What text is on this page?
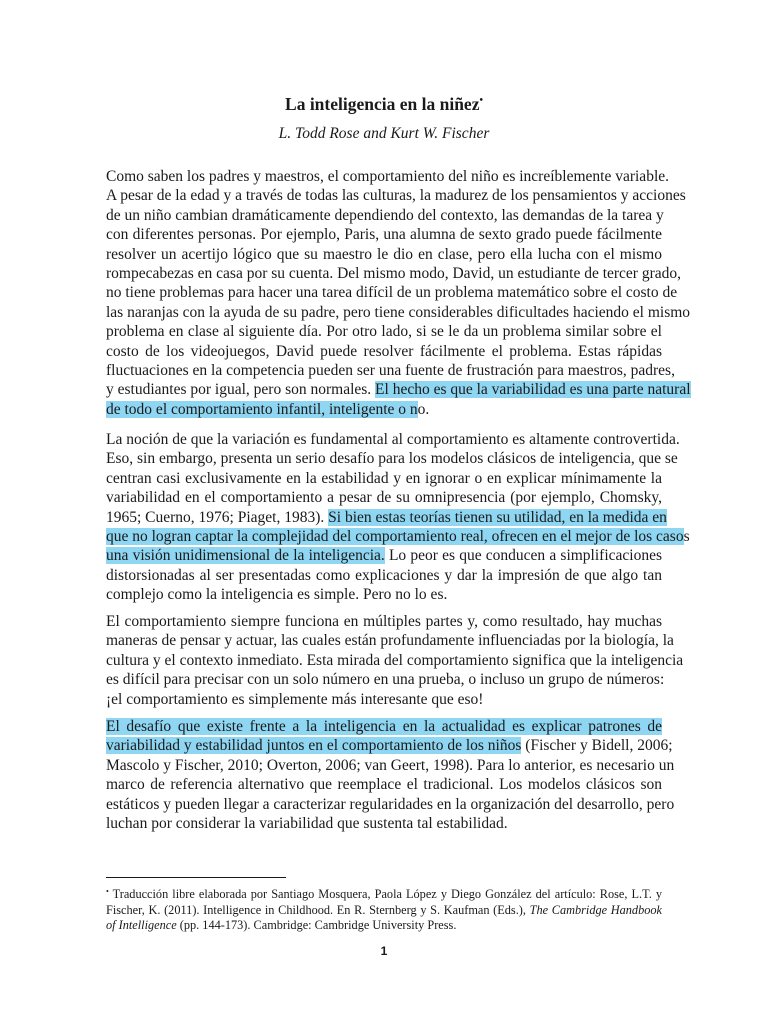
La inteligencia en la niñez•
L. Todd Rose and Kurt W. Fischer

Como saben los padres y maestros, el comportamiento del niño es increíblemente variable.
A pesar de la edad y a través de todas las culturas, la madurez de los pensamientos y acciones
de un niño cambian dramáticamente dependiendo del contexto, las demandas de la tarea y
con diferentes personas. Por ejemplo, Paris, una alumna de sexto grado puede fácilmente
resolver un acertijo lógico que su maestro le dio en clase, pero ella lucha con el mismo
rompecabezas en casa por su cuenta. Del mismo modo, David, un estudiante de tercer grado,
no tiene problemas para hacer una tarea difícil de un problema matemático sobre el costo de
las naranjas con la ayuda de su padre, pero tiene considerables dificultades haciendo el mismo
problema en clase al siguiente día. Por otro lado, si se le da un problema similar sobre el
costo de los videojuegos, David puede resolver fácilmente el problema. Estas rápidas
fluctuaciones en la competencia pueden ser una fuente de frustración para maestros, padres,
y estudiantes por igual, pero son normales. El hecho es que la variabilidad es una parte natural
de todo el comportamiento infantil, inteligente o no.

La noción de que la variación es fundamental al comportamiento es altamente controvertida.
Eso, sin embargo, presenta un serio desafío para los modelos clásicos de inteligencia, que se
centran casi exclusivamente en la estabilidad y en ignorar o en explicar mínimamente la
variabilidad en el comportamiento a pesar de su omnipresencia (por ejemplo, Chomsky,
1965; Cuerno, 1976; Piaget, 1983). Si bien estas teorías tienen su utilidad, en la medida en
que no logran captar la complejidad del comportamiento real, ofrecen en el mejor de los casos
una visión unidimensional de la inteligencia. Lo peor es que conducen a simplificaciones
distorsionadas al ser presentadas como explicaciones y dar la impresión de que algo tan
complejo como la inteligencia es simple. Pero no lo es.

El comportamiento siempre funciona en múltiples partes y, como resultado, hay muchas
maneras de pensar y actuar, las cuales están profundamente influenciadas por la biología, la
cultura y el contexto inmediato. Esta mirada del comportamiento significa que la inteligencia
es difícil para precisar con un solo número en una prueba, o incluso un grupo de números:
¡el comportamiento es simplemente más interesante que eso!

El desafío que existe frente a la inteligencia en la actualidad es explicar patrones de
variabilidad y estabilidad juntos en el comportamiento de los niños (Fischer y Bidell, 2006;
Mascolo y Fischer, 2010; Overton, 2006; van Geert, 1998). Para lo anterior, es necesario un
marco de referencia alternativo que reemplace el tradicional. Los modelos clásicos son
estáticos y pueden llegar a caracterizar regularidades en la organización del desarrollo, pero
luchan por considerar la variabilidad que sustenta tal estabilidad.

• Traducción libre elaborada por Santiago Mosquera, Paola López y Diego González del artículo: Rose, L.T. y Fischer, K. (2011). Intelligence in Childhood. En R. Sternberg y S. Kaufman (Eds.), The Cambridge Handbook of Intelligence (pp. 144-173). Cambridge: Cambridge University Press.
1
